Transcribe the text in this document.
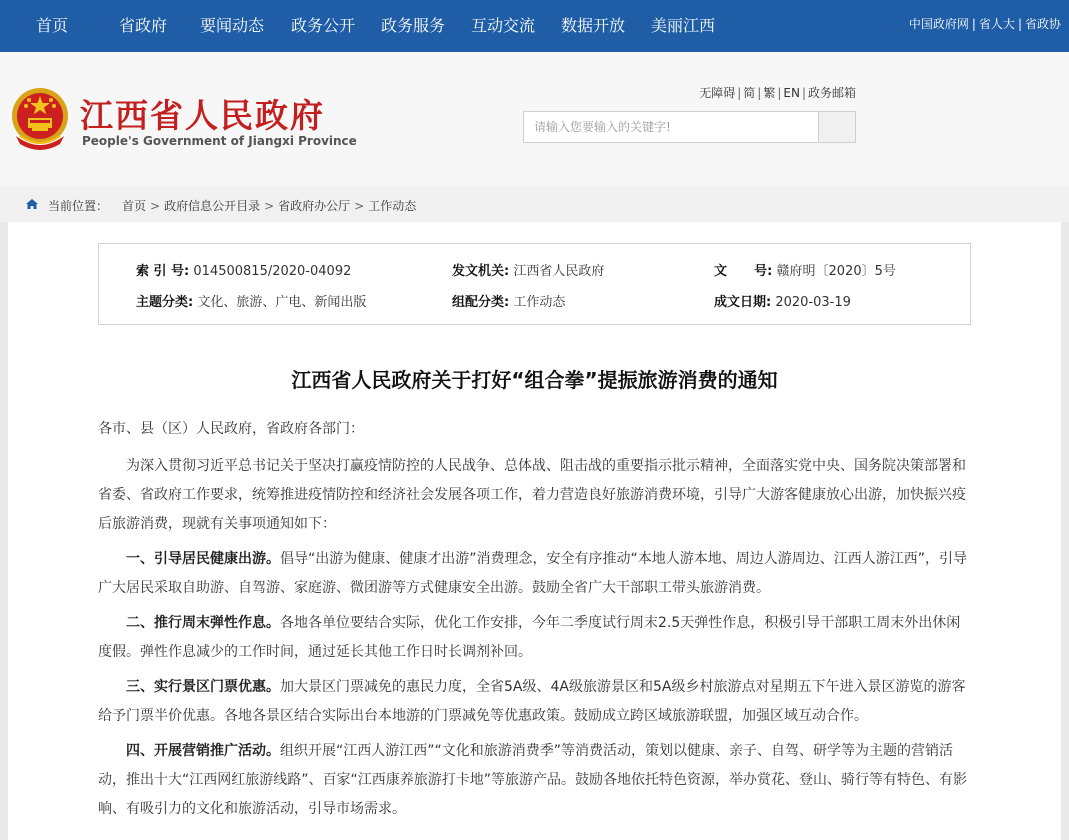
首页	省政府 要闻动态 政务公开 政务服务 互动交流 数据开放 美丽江西	中国政府网 | 省人大 | 省政协
江西省人民政府
People's Government of Jiangxi Province
无障碍 | 简 | 繁 | EN | 政务邮箱
请输入您要输入的关键字!
当前位置： 首页 > 政府信息公开目录 > 省政府办公厅 > 工作动态
索 引 号: 014500815/2020-04092	发文机关: 江西省人民政府	文      号: 赣府明〔2020〕5号
主题分类: 文化、旅游、广电、新闻出版	组配分类: 工作动态	成文日期: 2020-03-19
江西省人民政府关于打好“组合拳”提振旅游消费的通知
各市、县（区）人民政府，省政府各部门：

为深入贯彻习近平总书记关于坚决打赢疫情防控的人民战争、总体战、阻击战的重要指示批示精神，全面落实党中央、国务院决策部署和省委、省政府工作要求，统筹推进疫情防控和经济社会发展各项工作，着力营造良好旅游消费环境，引导广大游客健康放心出游，加快振兴疫后旅游消费，现就有关事项通知如下：

一、引导居民健康出游。倡导“出游为健康、健康才出游”消费理念，安全有序推动“本地人游本地、周边人游周边、江西人游江西”，引导广大居民采取自助游、自驾游、家庭游、微团游等方式健康安全出游。鼓励全省广大干部职工带头旅游消费。

二、推行周末弹性作息。各地各单位要结合实际，优化工作安排，今年二季度试行周末2.5天弹性作息，积极引导干部职工周末外出休闲度假。弹性作息减少的工作时间，通过延长其他工作日时长调剂补回。

三、实行景区门票优惠。加大景区门票减免的惠民力度，全省5A级、4A级旅游景区和5A级乡村旅游点对星期五下午进入景区游览的游客给予门票半价优惠。各地各景区结合实际出台本地游的门票减免等优惠政策。鼓励成立跨区域旅游联盟，加强区域互动合作。

四、开展营销推广活动。组织开展“江西人游江西”“文化和旅游消费季”等消费活动，策划以健康、亲子、自驾、研学等为主题的营销活动，推出十大“江西网红旅游线路”、百家“江西康养旅游打卡地”等旅游产品。鼓励各地依托特色资源，举办赏花、登山、骑行等有特色、有影响、有吸引力的文化和旅游活动，引导市场需求。
